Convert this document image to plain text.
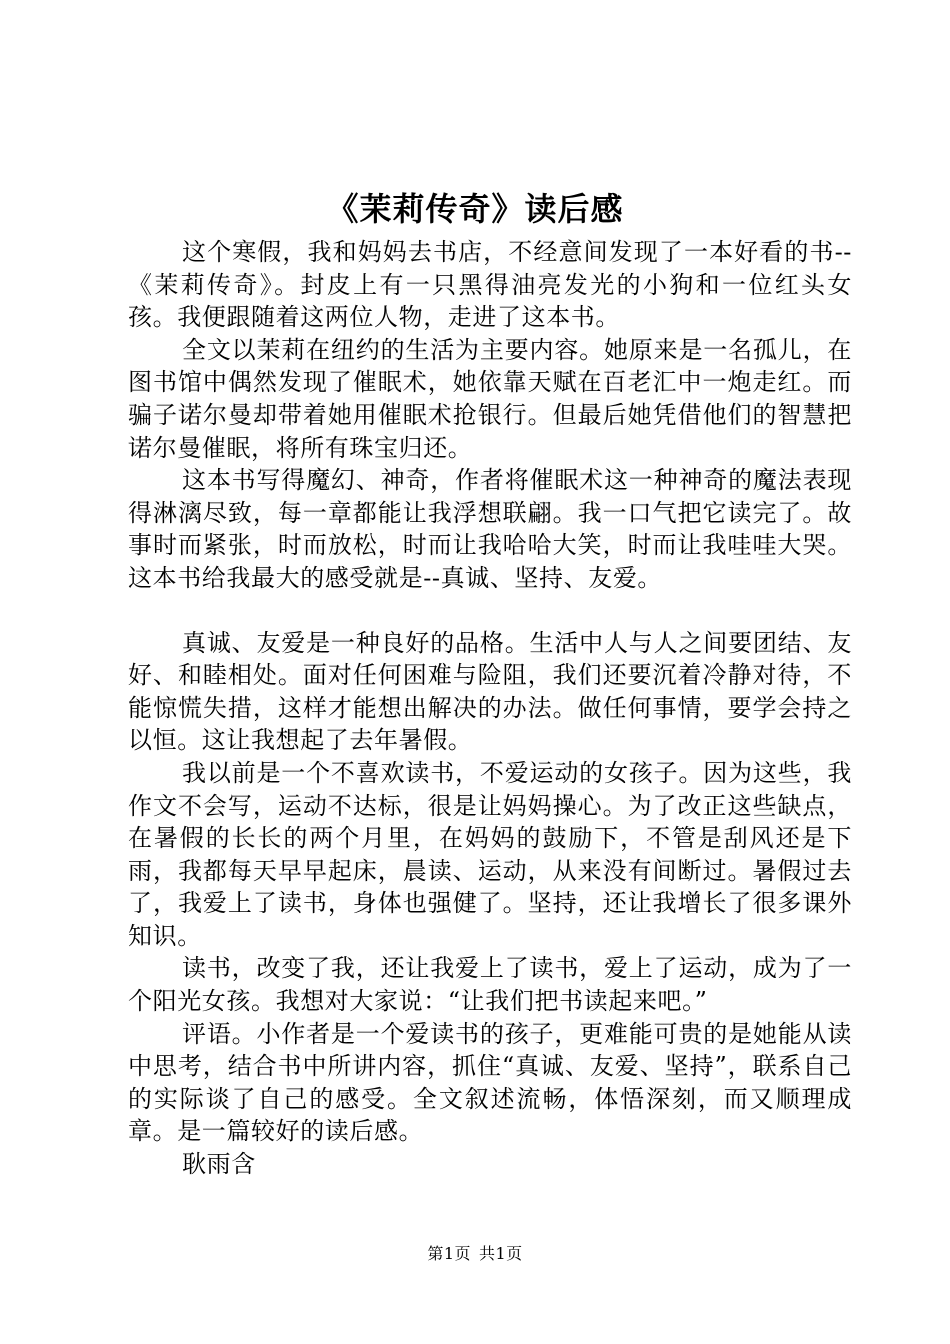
《茉莉传奇》读后感

这个寒假，我和妈妈去书店，不经意间发现了一本好看的书--《茉莉传奇》。封皮上有一只黑得油亮发光的小狗和一位红头女孩。我便跟随着这两位人物，走进了这本书。

全文以茉莉在纽约的生活为主要内容。她原来是一名孤儿，在图书馆中偶然发现了催眠术，她依靠天赋在百老汇中一炮走红。而骗子诺尔曼却带着她用催眠术抢银行。但最后她凭借他们的智慧把诺尔曼催眠，将所有珠宝归还。

这本书写得魔幻、神奇，作者将催眠术这一种神奇的魔法表现得淋漓尽致，每一章都能让我浮想联翩。我一口气把它读完了。故事时而紧张，时而放松，时而让我哈哈大笑，时而让我哇哇大哭。这本书给我最大的感受就是--真诚、坚持、友爱。

真诚、友爱是一种良好的品格。生活中人与人之间要团结、友好、和睦相处。面对任何困难与险阻，我们还要沉着冷静对待，不能惊慌失措，这样才能想出解决的办法。做任何事情，要学会持之以恒。这让我想起了去年暑假。

我以前是一个不喜欢读书，不爱运动的女孩子。因为这些，我作文不会写，运动不达标，很是让妈妈操心。为了改正这些缺点，在暑假的长长的两个月里，在妈妈的鼓励下，不管是刮风还是下雨，我都每天早早起床，晨读、运动，从来没有间断过。暑假过去了，我爱上了读书，身体也强健了。坚持，还让我增长了很多课外知识。

读书，改变了我，还让我爱上了读书，爱上了运动，成为了一个阳光女孩。我想对大家说：“让我们把书读起来吧。”

评语。小作者是一个爱读书的孩子，更难能可贵的是她能从读中思考，结合书中所讲内容，抓住“真诚、友爱、坚持”，联系自己的实际谈了自己的感受。全文叙述流畅，体悟深刻，而又顺理成章。是一篇较好的读后感。

耿雨含

第1页 共1页
